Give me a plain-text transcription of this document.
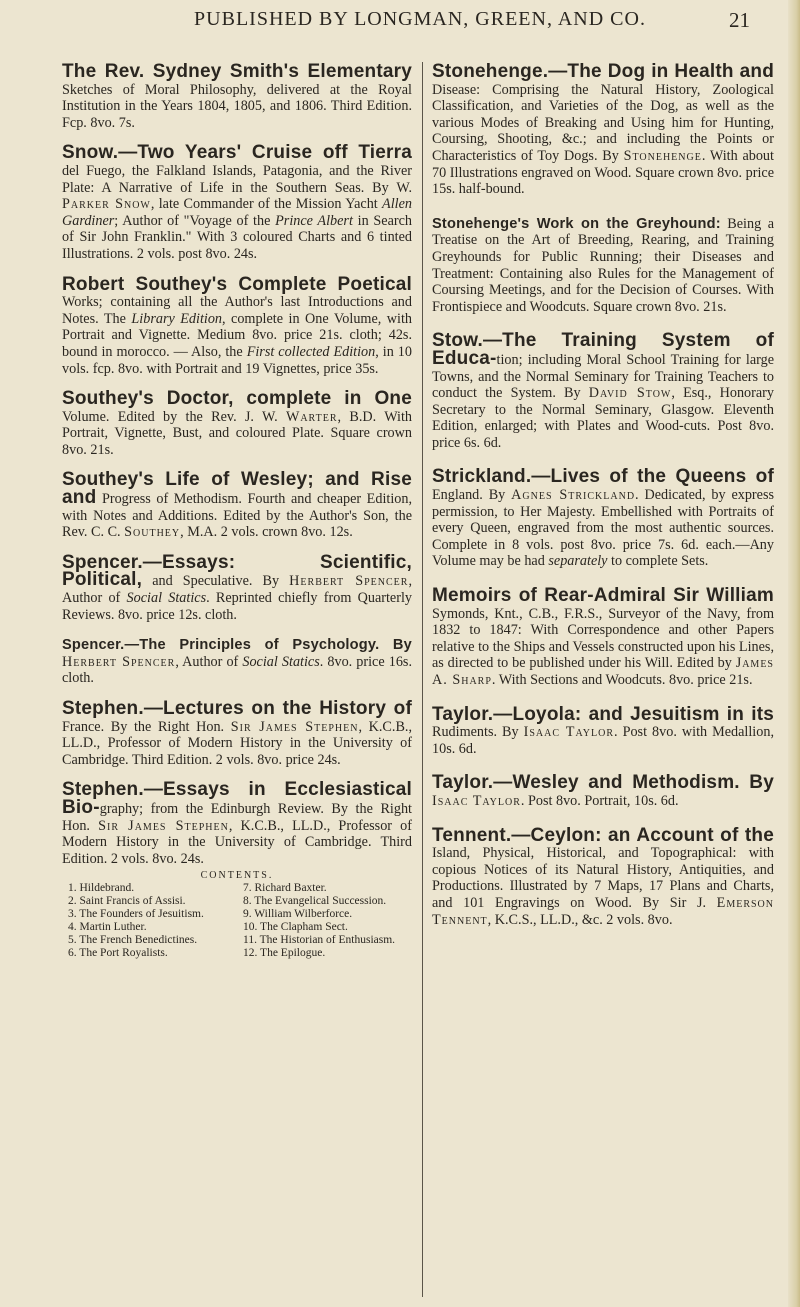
PUBLISHED BY LONGMAN, GREEN, AND CO.	21
The Rev. Sydney Smith's Elementary Sketches of Moral Philosophy, delivered at the Royal Institution in the Years 1804, 1805, and 1806. Third Edition. Fcp. 8vo. 7s.
Snow.—Two Years' Cruise off Tierra del Fuego, the Falkland Islands, Patagonia, and the River Plate: A Narrative of Life in the Southern Seas. By W. Parker Snow, late Commander of the Mission Yacht Allen Gardiner; Author of "Voyage of the Prince Albert in Search of Sir John Franklin." With 3 coloured Charts and 6 tinted Illustrations. 2 vols. post 8vo. 24s.
Robert Southey's Complete Poetical Works; containing all the Author's last Introductions and Notes. The Library Edition, complete in One Volume, with Portrait and Vignette. Medium 8vo. price 21s. cloth; 42s. bound in morocco. — Also, the First collected Edition, in 10 vols. fcp. 8vo. with Portrait and 19 Vignettes, price 35s.
Southey's Doctor, complete in One Volume. Edited by the Rev. J. W. Warter, B.D. With Portrait, Vignette, Bust, and coloured Plate. Square crown 8vo. 21s.
Southey's Life of Wesley; and Rise and Progress of Methodism. Fourth and cheaper Edition, with Notes and Additions. Edited by the Author's Son, the Rev. C. C. Southey, M.A. 2 vols. crown 8vo. 12s.
Spencer.—Essays: Scientific, Political, and Speculative. By Herbert Spencer, Author of Social Statics. Reprinted chiefly from Quarterly Reviews. 8vo. price 12s. cloth.
Spencer.—The Principles of Psychology. By Herbert Spencer, Author of Social Statics. 8vo. price 16s. cloth.
Stephen.—Lectures on the History of France. By the Right Hon. Sir James Stephen, K.C.B., LL.D., Professor of Modern History in the University of Cambridge. Third Edition. 2 vols. 8vo. price 24s.
Stephen.—Essays in Ecclesiastical Bio-graphy; from the Edinburgh Review. By the Right Hon. Sir James Stephen, K.C.B., LL.D., Professor of Modern History in the University of Cambridge. Third Edition. 2 vols. 8vo. 24s.
CONTENTS.
1. Hildebrand.
2. Saint Francis of Assisi.
3. The Founders of Jesuitism.
4. Martin Luther.
5. The French Benedictines.
6. The Port Royalists.
7. Richard Baxter.
8. The Evangelical Succession.
9. William Wilberforce.
10. The Clapham Sect.
11. The Historian of Enthusiasm.
12. The Epilogue.
Stonehenge.—The Dog in Health and Disease: Comprising the Natural History, Zoological Classification, and Varieties of the Dog, as well as the various Modes of Breaking and Using him for Hunting, Coursing, Shooting, &c.; and including the Points or Characteristics of Toy Dogs. By Stonehenge. With about 70 Illustrations engraved on Wood. Square crown 8vo. price 15s. half-bound.
Stonehenge's Work on the Greyhound: Being a Treatise on the Art of Breeding, Rearing, and Training Greyhounds for Public Running; their Diseases and Treatment: Containing also Rules for the Management of Coursing Meetings, and for the Decision of Courses. With Frontispiece and Woodcuts. Square crown 8vo. 21s.
Stow.—The Training System of Educa-tion; including Moral School Training for large Towns, and the Normal Seminary for Training Teachers to conduct the System. By David Stow, Esq., Honorary Secretary to the Normal Seminary, Glasgow. Eleventh Edition, enlarged; with Plates and Wood-cuts. Post 8vo. price 6s. 6d.
Strickland.—Lives of the Queens of England. By Agnes Strickland. Dedicated, by express permission, to Her Majesty. Embellished with Portraits of every Queen, engraved from the most authentic sources. Complete in 8 vols. post 8vo. price 7s. 6d. each.—Any Volume may be had separately to complete Sets.
Memoirs of Rear-Admiral Sir William Symonds, Knt., C.B., F.R.S., Surveyor of the Navy, from 1832 to 1847: With Correspondence and other Papers relative to the Ships and Vessels constructed upon his Lines, as directed to be published under his Will. Edited by James A. Sharp. With Sections and Woodcuts. 8vo. price 21s.
Taylor.—Loyola: and Jesuitism in its Rudiments. By Isaac Taylor. Post 8vo. with Medallion, 10s. 6d.
Taylor.—Wesley and Methodism. By Isaac Taylor. Post 8vo. Portrait, 10s. 6d.
Tennent.—Ceylon: an Account of the Island, Physical, Historical, and Topographical: with copious Notices of its Natural History, Antiquities, and Productions. Illustrated by 7 Maps, 17 Plans and Charts, and 101 Engravings on Wood. By Sir J. Emerson Tennent, K.C.S., LL.D., &c. 2 vols. 8vo.
